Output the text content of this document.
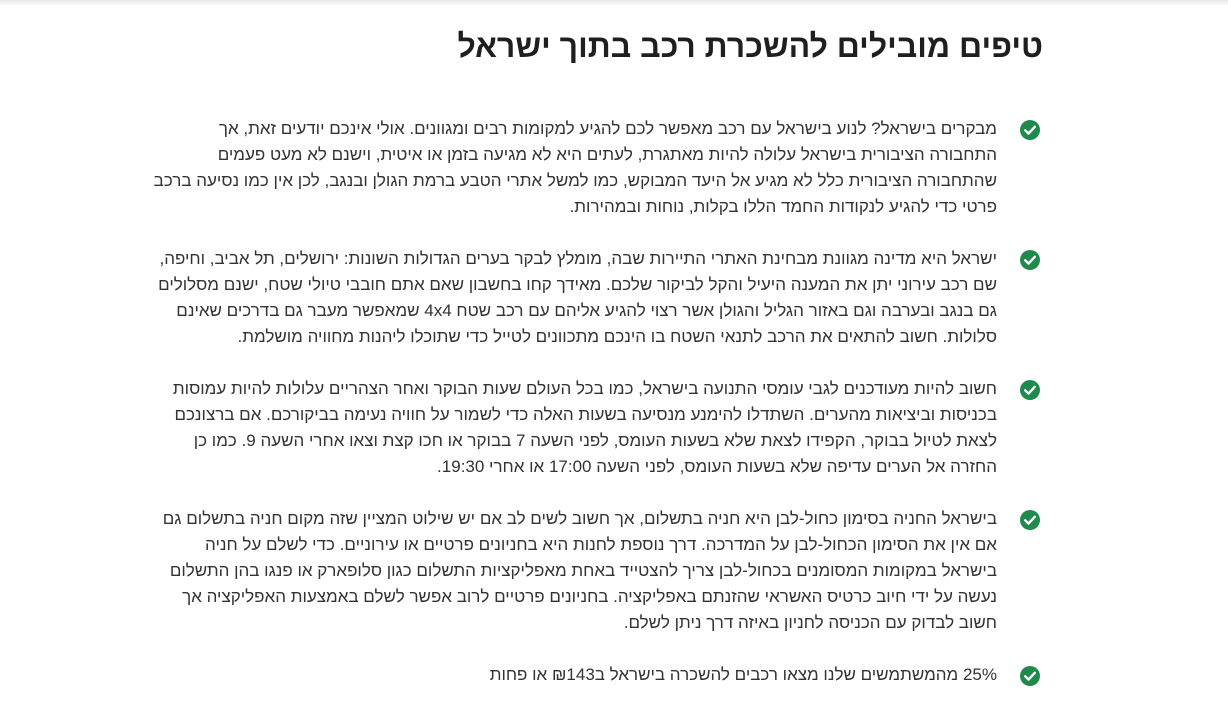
טיפים מובילים להשכרת רכב בתוך ישראל
מבקרים בישראל? לנוע בישראל עם רכב מאפשר לכם להגיע למקומות רבים ומגוונים. אולי אינכם יודעים זאת, אך התחבורה הציבורית בישראל עלולה להיות מאתגרת, לעתים היא לא מגיעה בזמן או איטית, וישנם לא מעט פעמים שהתחבורה הציבורית כלל לא מגיע אל היעד המבוקש, כמו למשל אתרי הטבע ברמת הגולן ובנגב, לכן אין כמו נסיעה ברכב פרטי כדי להגיע לנקודות החמד הללו בקלות, נוחות ובמהירות.
ישראל היא מדינה מגוונת מבחינת האתרי התיירות שבה, מומלץ לבקר בערים הגדולות השונות: ירושלים, תל אביב, וחיפה, שם רכב עירוני יתן את המענה היעיל והקל לביקור שלכם. מאידך קחו בחשבון שאם אתם חובבי טיולי שטח, ישנם מסלולים גם בנגב ובערבה וגם באזור הגליל והגולן אשר רצוי להגיע אליהם עם רכב שטח 4x4 שמאפשר מעבר גם בדרכים שאינם סלולות. חשוב להתאים את הרכב לתנאי השטח בו הינכם מתכוונים לטייל כדי שתוכלו ליהנות מחוויה מושלמת.
חשוב להיות מעודכנים לגבי עומסי התנועה בישראל, כמו בכל העולם שעות הבוקר ואחר הצהריים עלולות להיות עמוסות בכניסות וביציאות מהערים. השתדלו להימנע מנסיעה בשעות האלה כדי לשמור על חוויה נעימה בביקורכם. אם ברצונכם לצאת לטיול בבוקר, הקפידו לצאת שלא בשעות העומס, לפני השעה 7 בבוקר או חכו קצת וצאו אחרי השעה 9. כמו כן החזרה אל הערים עדיפה שלא בשעות העומס, לפני השעה 17:00 או אחרי 19:30.
בישראל החניה בסימון כחול-לבן היא חניה בתשלום, אך חשוב לשים לב אם יש שילוט המציין שזה מקום חניה בתשלום גם אם אין את הסימון הכחול-לבן על המדרכה. דרך נוספת לחנות היא בחניונים פרטיים או עירוניים. כדי לשלם על חניה בישראל במקומות המסומנים בכחול-לבן צריך להצטייד באחת מאפליקציות התשלום כגון סלופארק או פנגו בהן התשלום נעשה על ידי חיוב כרטיס האשראי שהזנתם באפליקציה. בחניונים פרטיים לרוב אפשר לשלם באמצעות האפליקציה אך חשוב לבדוק עם הכניסה לחניון באיזה דרך ניתן לשלם.
25% מהמשתמשים שלנו מצאו רכבים להשכרה בישראל ב₪143 או פחות
